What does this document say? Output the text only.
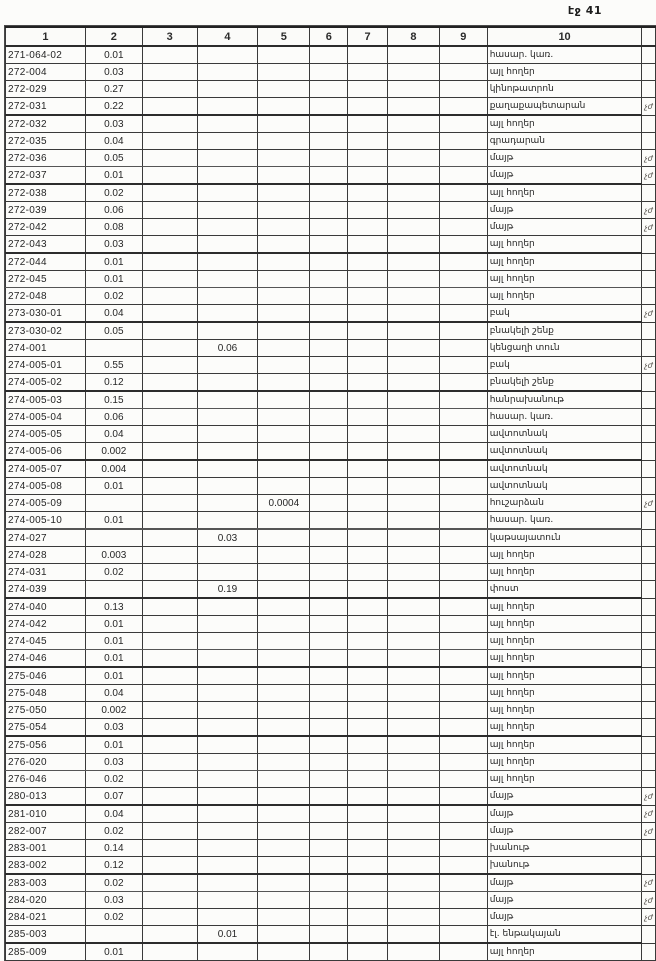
էջ 41
1	2	3	4	5	6	7	8	9	10	
271-064-02	0.01								հասար. կառ.	
272-004	0.03								այլ հողեր	
272-029	0.27								կինոթատրոն	
272-031	0.22								քաղաքապետարան	չժ
272-032	0.03								այլ հողեր	
272-035	0.04								գրադարան	
272-036	0.05								մայթ	չժ
272-037	0.01								մայթ	չժ
272-038	0.02								այլ հողեր	
272-039	0.06								մայթ	չժ
272-042	0.08								մայթ	չժ
272-043	0.03								այլ հողեր	
272-044	0.01								այլ հողեր	
272-045	0.01								այլ հողեր	
272-048	0.02								այլ հողեր	
273-030-01	0.04								բակ	չժ
273-030-02	0.05								բնակելի շենք	
274-001			0.06						կենցաղի տուն	
274-005-01	0.55								բակ	չժ
274-005-02	0.12								բնակելի շենք	
274-005-03	0.15								հանրախանութ	
274-005-04	0.06								հասար. կառ.	
274-005-05	0.04								ավտոտնակ	
274-005-06	0.002								ավտոտնակ	
274-005-07	0.004								ավտոտնակ	
274-005-08	0.01								ավտոտնակ	
274-005-09				0.0004					հուշարձան	չժ
274-005-10	0.01								հասար. կառ.	
274-027			0.03						կաթսայատուն	
274-028	0.003								այլ հողեր	
274-031	0.02								այլ հողեր	
274-039			0.19						փոստ	
274-040	0.13								այլ հողեր	
274-042	0.01								այլ հողեր	
274-045	0.01								այլ հողեր	
274-046	0.01								այլ հողեր	
275-046	0.01								այլ հողեր	
275-048	0.04								այլ հողեր	
275-050	0.002								այլ հողեր	
275-054	0.03								այլ հողեր	
275-056	0.01								այլ հողեր	
276-020	0.03								այլ հողեր	
276-046	0.02								այլ հողեր	
280-013	0.07								մայթ	չժ
281-010	0.04								մայթ	չժ
282-007	0.02								մայթ	չժ
283-001	0.14								խանութ	
283-002	0.12								խանութ	
283-003	0.02								մայթ	չժ
284-020	0.03								մայթ	չժ
284-021	0.02								մայթ	չժ
285-003			0.01						էլ. ենթակայան	
285-009	0.01								այլ հողեր	
